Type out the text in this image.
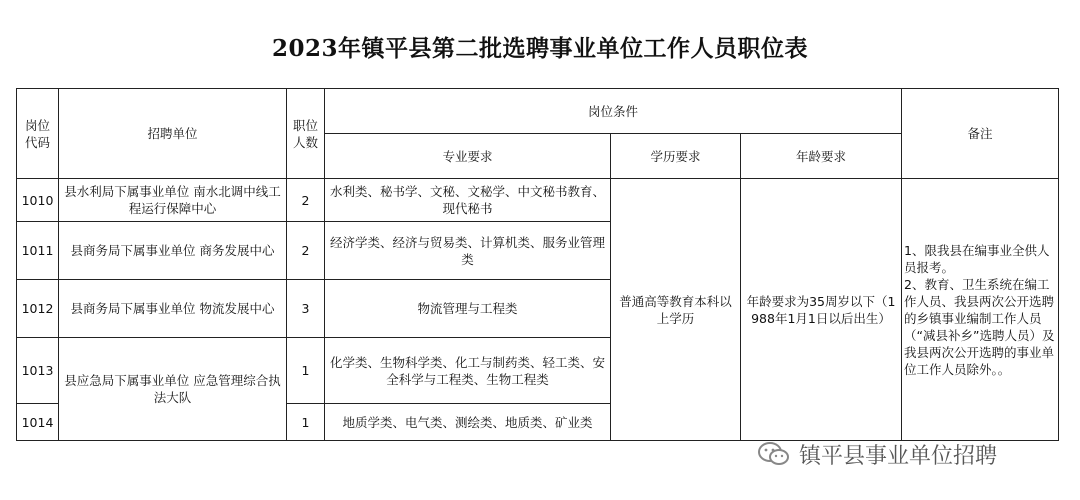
2023年镇平县第二批选聘事业单位工作人员职位表
岗位代码	招聘单位	职位人数	岗位条件			备注
			专业要求	学历要求	年龄要求	
1010	县水利局下属事业单位 南水北调中线工程运行保障中心	2	水利类、秘书学、文秘、文秘学、中文秘书教育、现代秘书	普通高等教育本科以上学历	年龄要求为35周岁以下（1988年1月1日以后出生）	1、限我县在编事业全供人员报考。
2、教育、卫生系统在编工作人员、我县两次公开选聘的乡镇事业编制工作人员（“减县补乡”选聘人员）及我县两次公开选聘的事业单位工作人员除外。。
1011	县商务局下属事业单位 商务发展中心	2	经济学类、经济与贸易类、计算机类、服务业管理类			
1012	县商务局下属事业单位 物流发展中心	3	物流管理与工程类			
1013	县应急局下属事业单位 应急管理综合执法大队	1	化学类、生物科学类、化工与制药类、轻工类、安全科学与工程类、生物工程类			
1014		1	地质学类、电气类、测绘类、地质类、矿业类			
镇平县事业单位招聘
